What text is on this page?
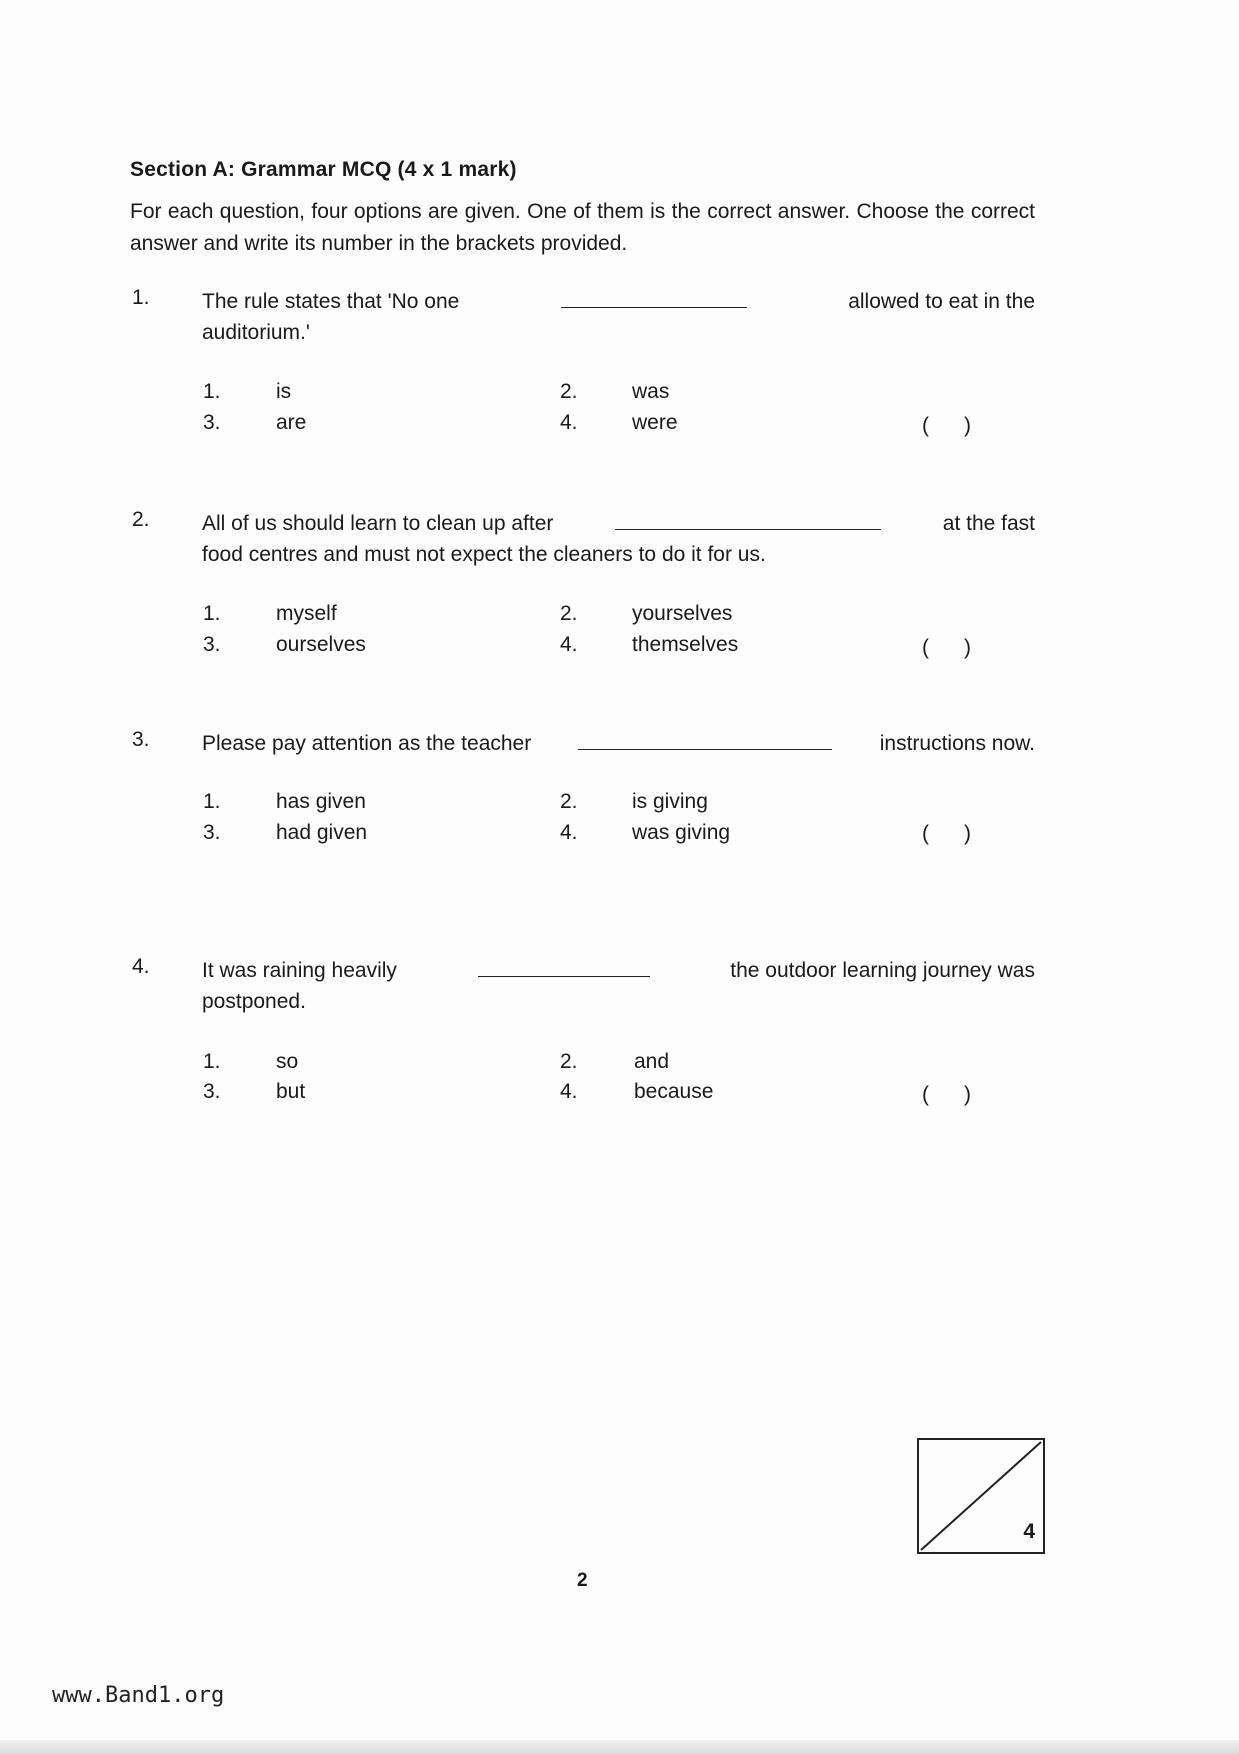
Section A: Grammar MCQ (4 x 1 mark)
For each question, four options are given. One of them is the correct answer. Choose the correct answer and write its number in the brackets provided.
1. The rule states that 'No one	allowed to eat in the
auditorium.'
1.	is	2.	was
3.	are	4.	were	(      )
2. All of us should learn to clean up after	at the fast
food centres and must not expect the cleaners to do it for us.
1.	myself	2.	yourselves
3.	ourselves	4.	themselves	(      )
3. Please pay attention as the teacher	instructions now.
1.	has given	2.	is giving
3.	had given	4.	was giving	(      )
4. It was raining heavily	the outdoor learning journey was
postponed.
1.	so	2.	and
3.	but	4.	because	(      )
4
2
www.Band1.org
